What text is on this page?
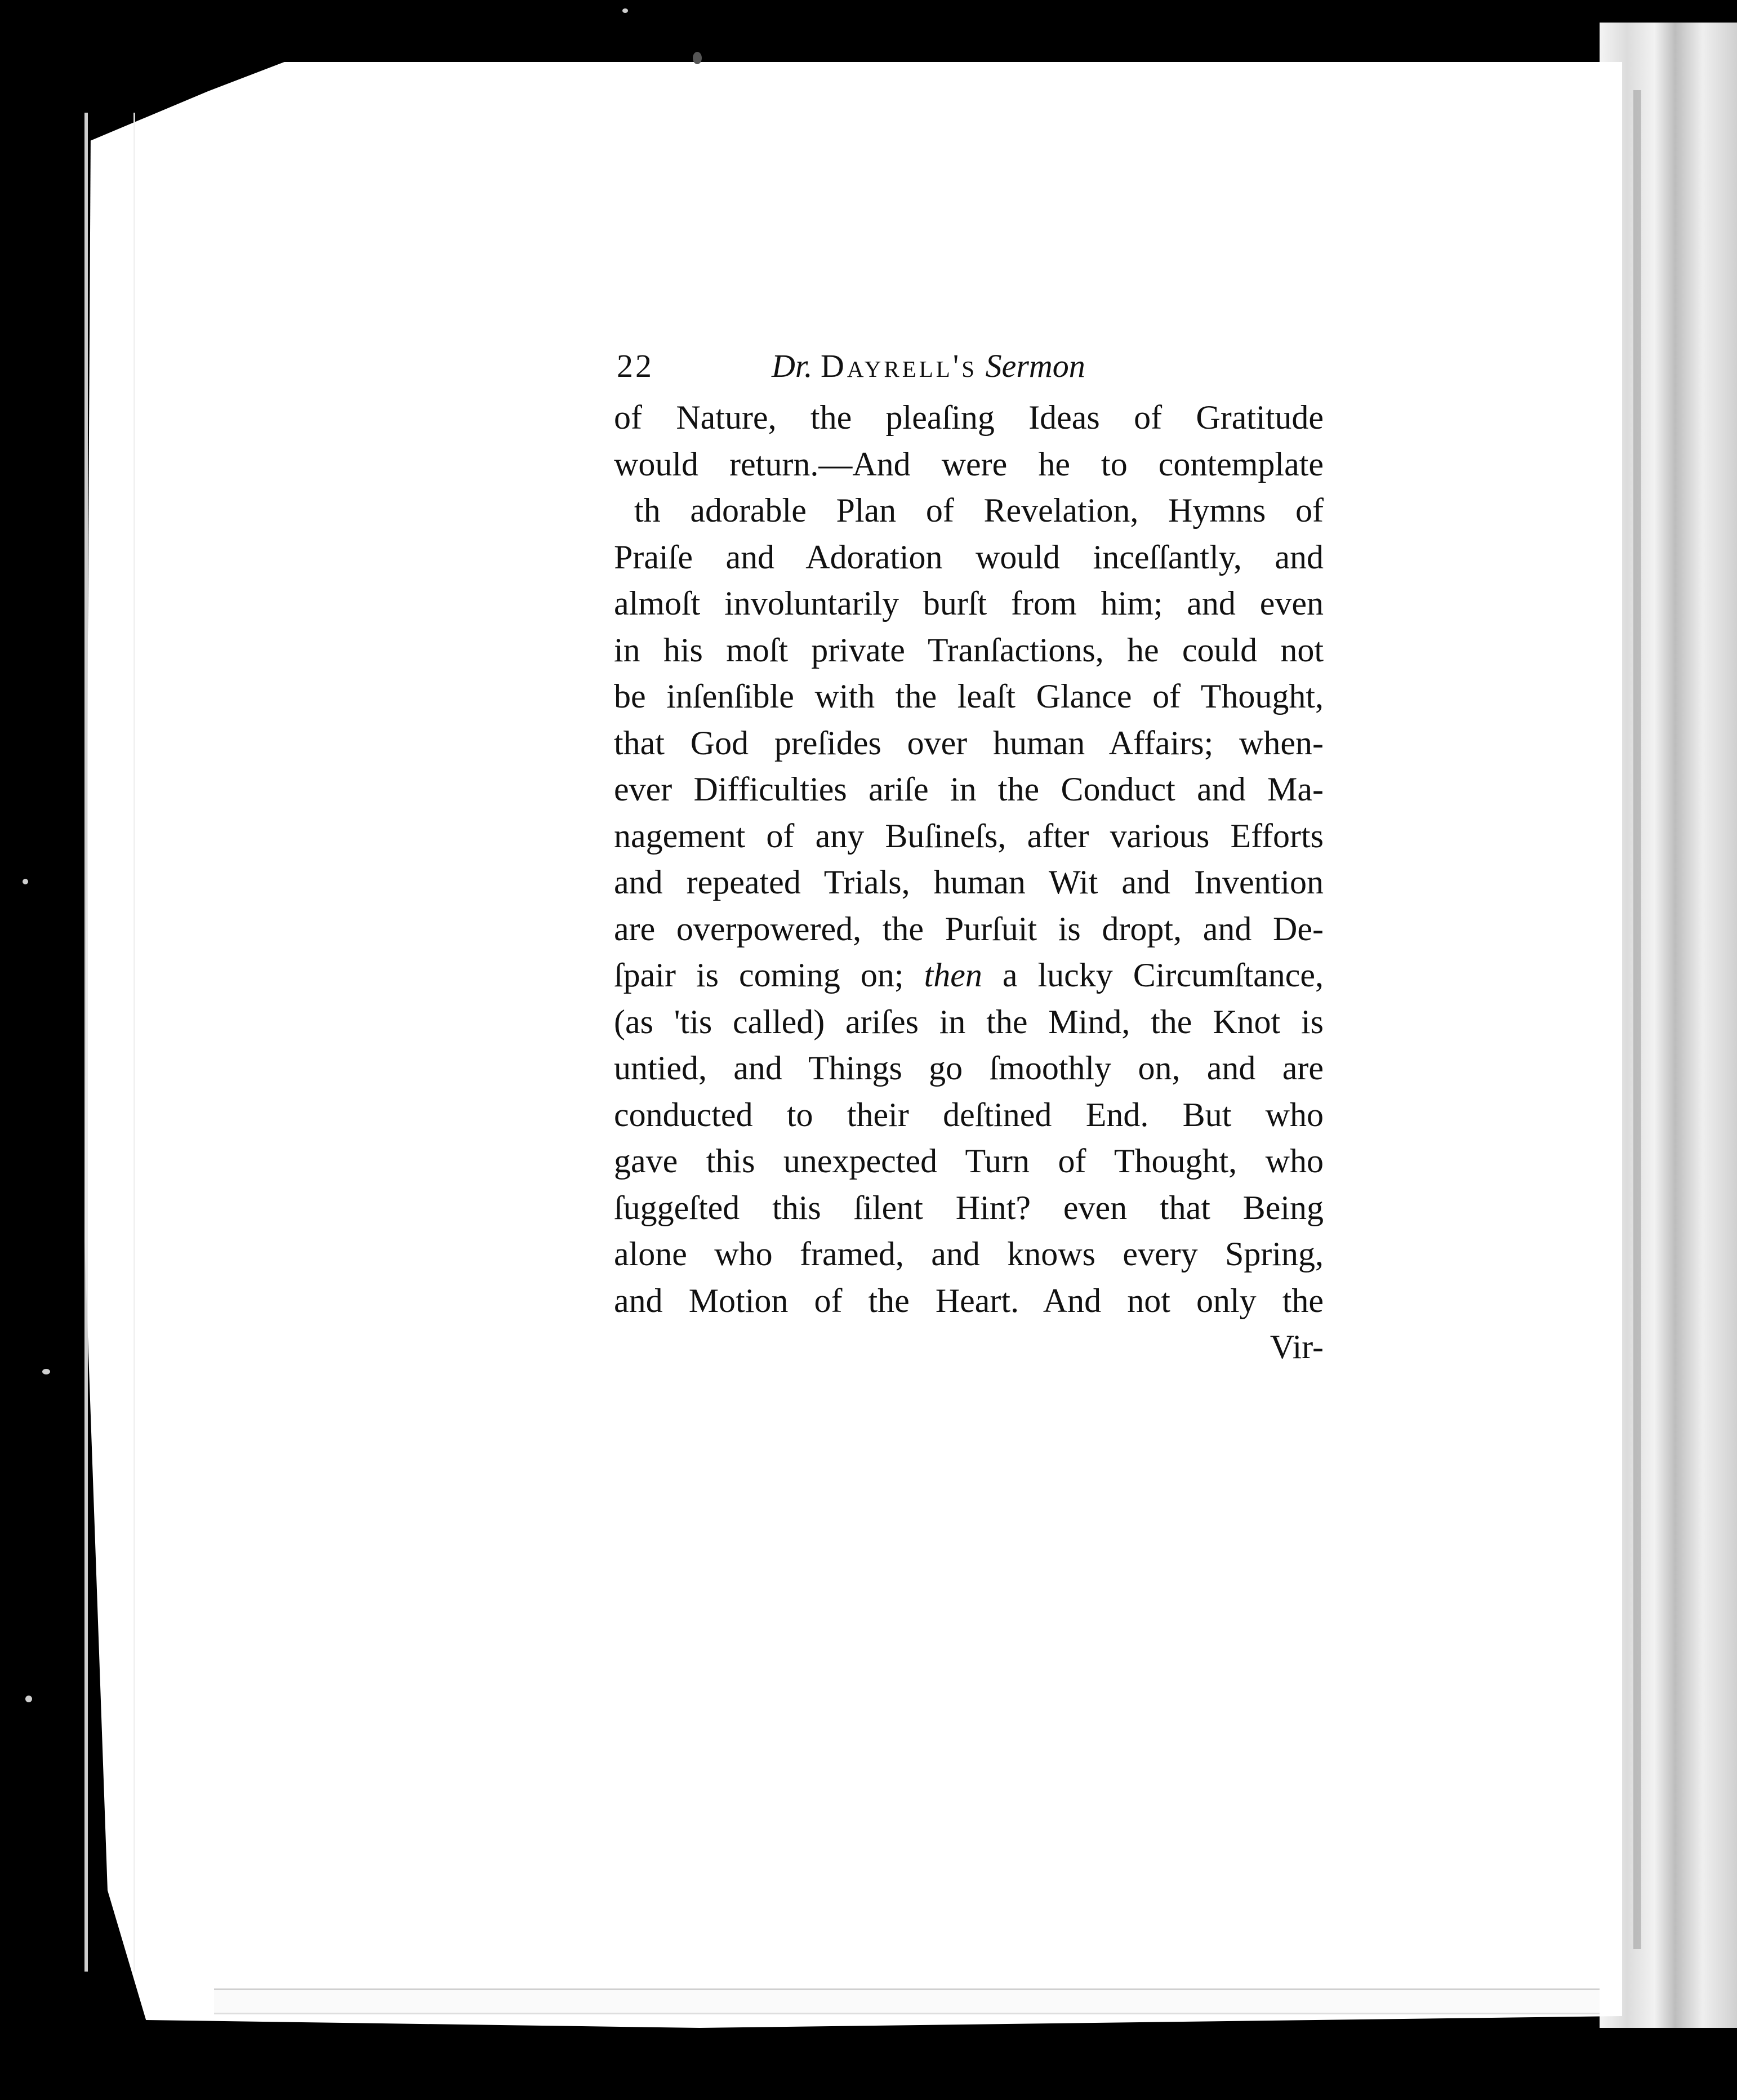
22	Dr. Dayrell's Sermon
of Nature, the pleaſing Ideas of Gratitude
would return.—And were he to contemplate
th adorable Plan of Revelation, Hymns of
Praiſe and Adoration would inceſſantly, and
almoſt involuntarily burſt from him; and even
in his moſt private Tranſactions, he could not
be inſenſible with the leaſt Glance of Thought,
that God preſides over human Affairs; when-
ever Difficulties ariſe in the Conduct and Ma-
nagement of any Buſineſs, after various Efforts
and repeated Trials, human Wit and Invention
are overpowered, the Purſuit is dropt, and De-
ſpair is coming on; then a lucky Circumſtance,
(as 'tis called) ariſes in the Mind, the Knot is
untied, and Things go ſmoothly on, and are
conducted to their deſtined End. But who
gave this unexpected Turn of Thought, who
ſuggeſted this ſilent Hint? even that Being
alone who framed, and knows every Spring,
and Motion of the Heart. And not only the
Vir-
